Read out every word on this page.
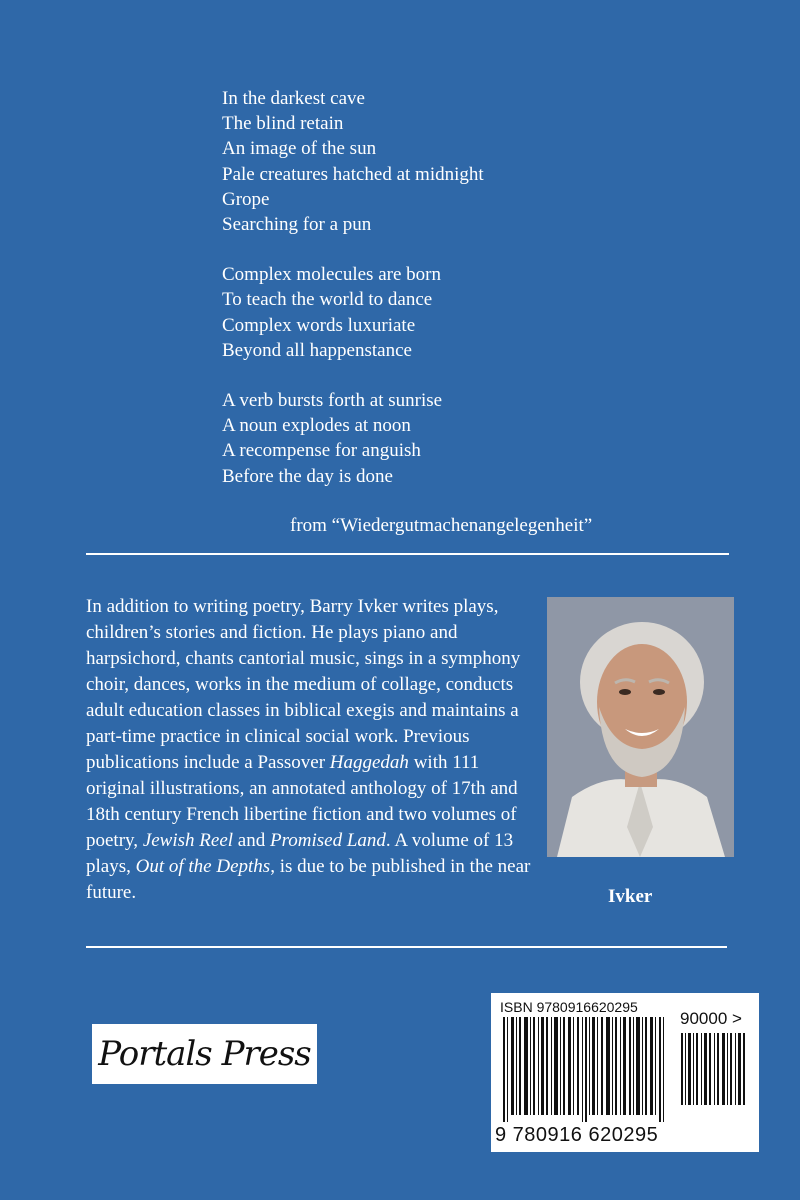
In the darkest cave
The blind retain
An image of the sun
Pale creatures hatched at midnight
Grope
Searching for a pun
Complex molecules are born
To teach the world to dance
Complex words luxuriate
Beyond all happenstance
A verb bursts forth at sunrise
A noun explodes at noon
A recompense for anguish
Before the day is done
from “Wiedergutmachenangelegenheit”

In addition to writing poetry, Barry Ivker writes plays, children’s stories and fiction. He plays piano and harpsichord, chants cantorial music, sings in a symphony choir, dances, works in the medium of collage, conducts adult education classes in biblical exegis and maintains a part-time practice in clinical social work. Previous publications include a Passover Haggedah with 111 original illustrations, an annotated anthology of 17th and 18th century French libertine fiction and two volumes of poetry, Jewish Reel and Promised Land. A volume of 13 plays, Out of the Depths, is due to be published in the near future.	Ivker
Portals Press
ISBN 9780916620295
90000 >
9 780916 620295
